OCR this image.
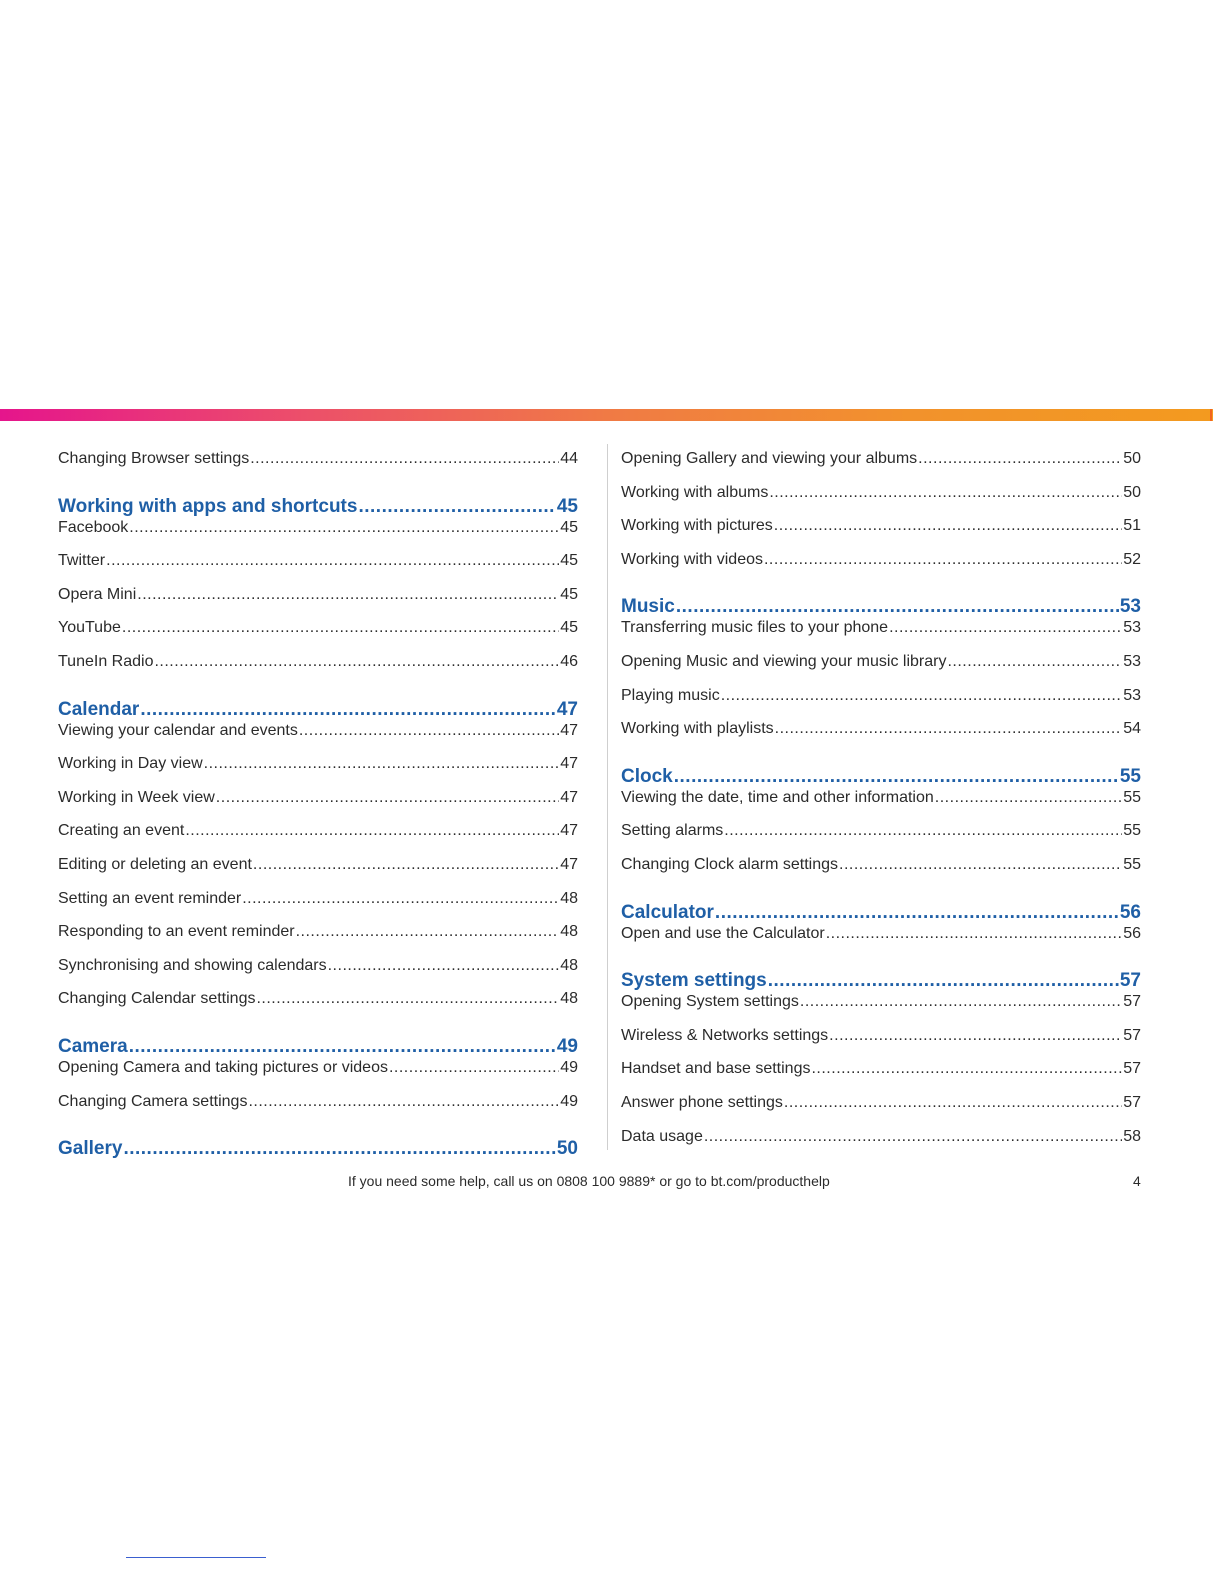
Changing Browser settings .....	44
Working with apps and shortcuts .....	45
Facebook .....	45
Twitter .....	45
Opera Mini .....	45
YouTube .....	45
TuneIn Radio .....	46
Calendar .....	47
Viewing your calendar and events .....	47
Working in Day view .....	47
Working in Week view .....	47
Creating an event .....	47
Editing or deleting an event .....	47
Setting an event reminder .....	48
Responding to an event reminder .....	48
Synchronising and showing calendars .....	48
Changing Calendar settings .....	48
Camera .....	49
Opening Camera and taking pictures or videos .....	49
Changing Camera settings .....	49
Gallery .....	50
Opening Gallery and viewing your albums .....	50
Working with albums .....	50
Working with pictures .....	51
Working with videos .....	52
Music .....	53
Transferring music files to your phone .....	53
Opening Music and viewing your music library .....	53
Playing music .....	53
Working with playlists .....	54
Clock .....	55
Viewing the date, time and other information .....	55
Setting alarms .....	55
Changing Clock alarm settings .....	55
Calculator .....	56
Open and use the Calculator .....	56
System settings .....	57
Opening System settings .....	57
Wireless & Networks settings .....	57
Handset and base settings .....	57
Answer phone settings .....	57
Data usage .....	58
If you need some help, call us on 0808 100 9889* or go to bt.com/producthelp	4
